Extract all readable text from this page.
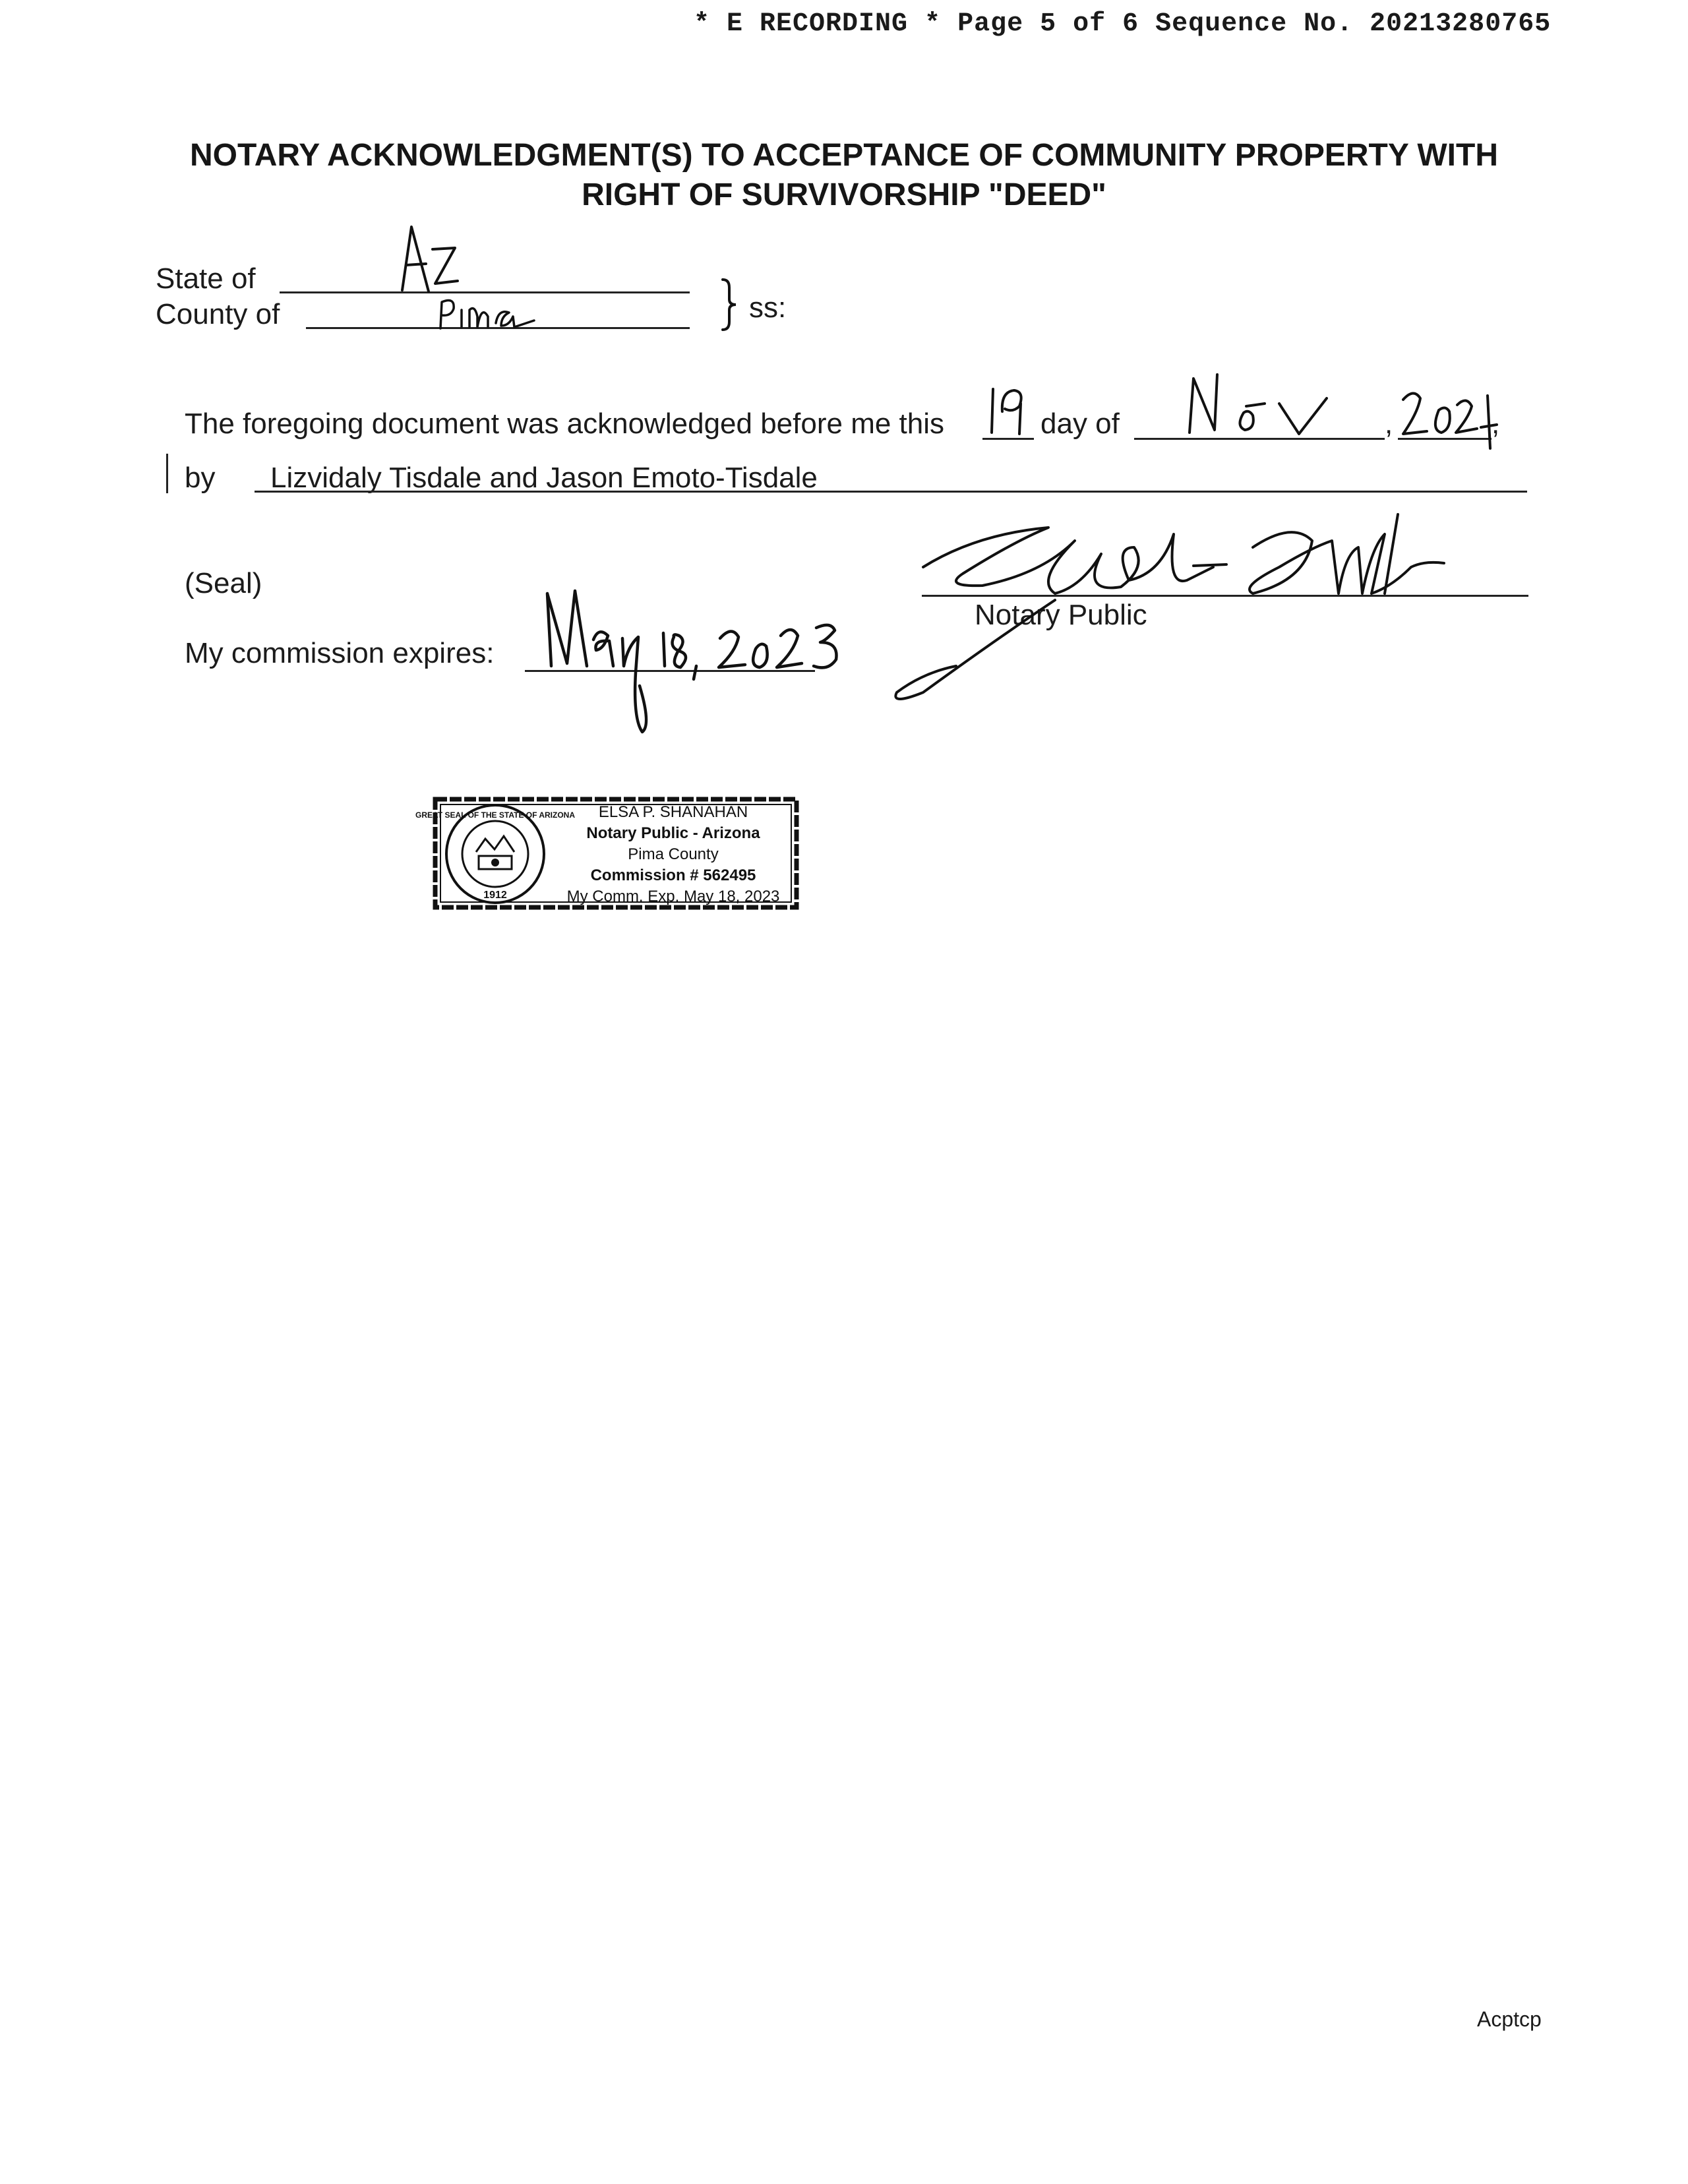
* E RECORDING * Page 5 of 6 Sequence No. 20213280765
NOTARY ACKNOWLEDGMENT(S) TO ACCEPTANCE OF COMMUNITY PROPERTY WITH
RIGHT OF SURVIVORSHIP "DEED"
State of
County of	ss:
The foregoing document was acknowledged before me this	day of	,	,
by Lizvidaly Tisdale and Jason Emoto-Tisdale
(Seal)
Notary Public
My commission expires:
GREAT SEAL OF THE STATE OF ARIZONA
1912
ELSA P. SHANAHAN
Notary Public - Arizona
Pima County
Commission # 562495
My Comm. Exp. May 18, 2023
Acptcp
